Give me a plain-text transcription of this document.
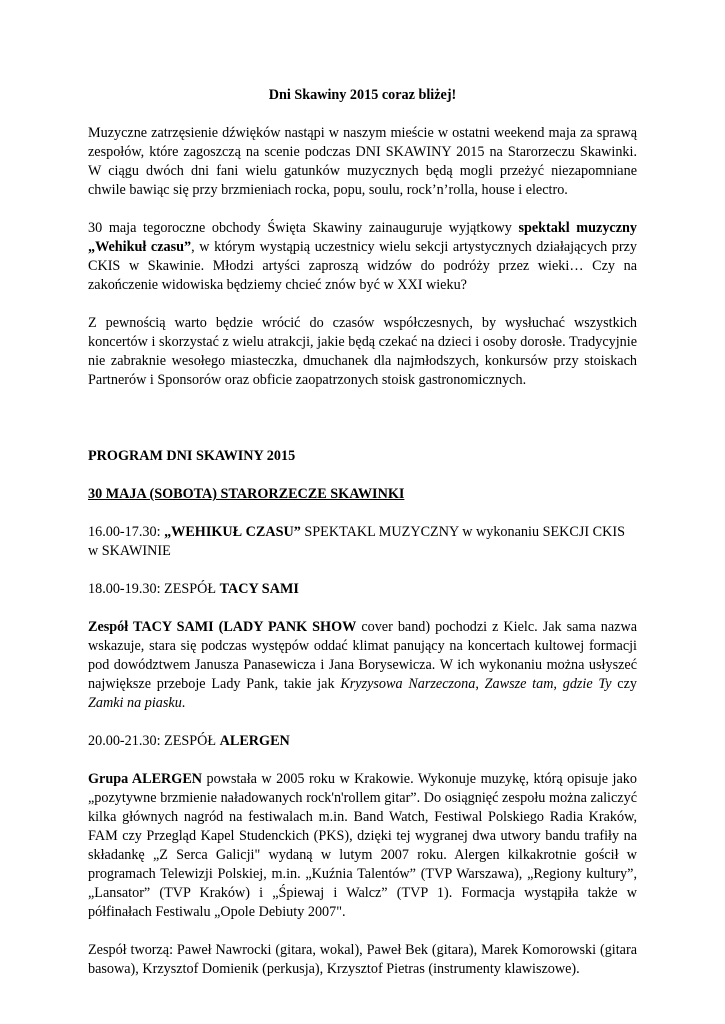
Dni Skawiny 2015 coraz bliżej!

Muzyczne zatrzęsienie dźwięków nastąpi w naszym mieście w ostatni weekend maja za sprawą zespołów, które zagoszczą na scenie podczas DNI SKAWINY 2015 na Starorzeczu Skawinki. W ciągu dwóch dni fani wielu gatunków muzycznych będą mogli przeżyć niezapomniane chwile bawiąc się przy brzmieniach rocka, popu, soulu, rock’n’rolla, house i electro.

30 maja tegoroczne obchody Święta Skawiny zainauguruje wyjątkowy spektakl muzyczny „Wehikuł czasu”, w którym wystąpią uczestnicy wielu sekcji artystycznych działających przy CKIS w Skawinie. Młodzi artyści zaproszą widzów do podróży przez wieki… Czy na zakończenie widowiska będziemy chcieć znów być w XXI wieku?

Z pewnością warto będzie wrócić do czasów współczesnych, by wysłuchać wszystkich koncertów i skorzystać z wielu atrakcji, jakie będą czekać na dzieci i osoby dorosłe. Tradycyjnie nie zabraknie wesołego miasteczka, dmuchanek dla najmłodszych, konkursów przy stoiskach Partnerów i Sponsorów oraz obficie zaopatrzonych stoisk gastronomicznych.

PROGRAM DNI SKAWINY 2015
30 MAJA (SOBOTA) STARORZECZE SKAWINKI

16.00-17.30: „WEHIKUŁ CZASU” SPEKTAKL MUZYCZNY w wykonaniu SEKCJI CKIS w SKAWINIE

18.00-19.30: ZESPÓŁ TACY SAMI

Zespół TACY SAMI (LADY PANK SHOW cover band) pochodzi z Kielc. Jak sama nazwa wskazuje, stara się podczas występów oddać klimat panujący na koncertach kultowej formacji pod dowództwem Janusza Panasewicza i Jana Borysewicza. W ich wykonaniu można usłyszeć największe przeboje Lady Pank, takie jak Kryzysowa Narzeczona, Zawsze tam, gdzie Ty czy Zamki na piasku.

20.00-21.30: ZESPÓŁ ALERGEN

Grupa ALERGEN powstała w 2005 roku w Krakowie. Wykonuje muzykę, którą opisuje jako „pozytywne brzmienie naładowanych rock'n'rollem gitar”. Do osiągnięć zespołu można zaliczyć kilka głównych nagród na festiwalach m.in. Band Watch, Festiwal Polskiego Radia Kraków, FAM czy Przegląd Kapel Studenckich (PKS), dzięki tej wygranej dwa utwory bandu trafiły na składankę „Z Serca Galicji" wydaną w lutym 2007 roku. Alergen kilkakrotnie gościł w programach Telewizji Polskiej, m.in. „Kuźnia Talentów” (TVP Warszawa), „Regiony kultury”, „Lansator” (TVP Kraków) i „Śpiewaj i Walcz” (TVP 1). Formacja wystąpiła także w półfinałach Festiwalu „Opole Debiuty 2007".

Zespół tworzą: Paweł Nawrocki (gitara, wokal), Paweł Bek (gitara), Marek Komorowski (gitara basowa), Krzysztof Domienik (perkusja), Krzysztof Pietras (instrumenty klawiszowe).
